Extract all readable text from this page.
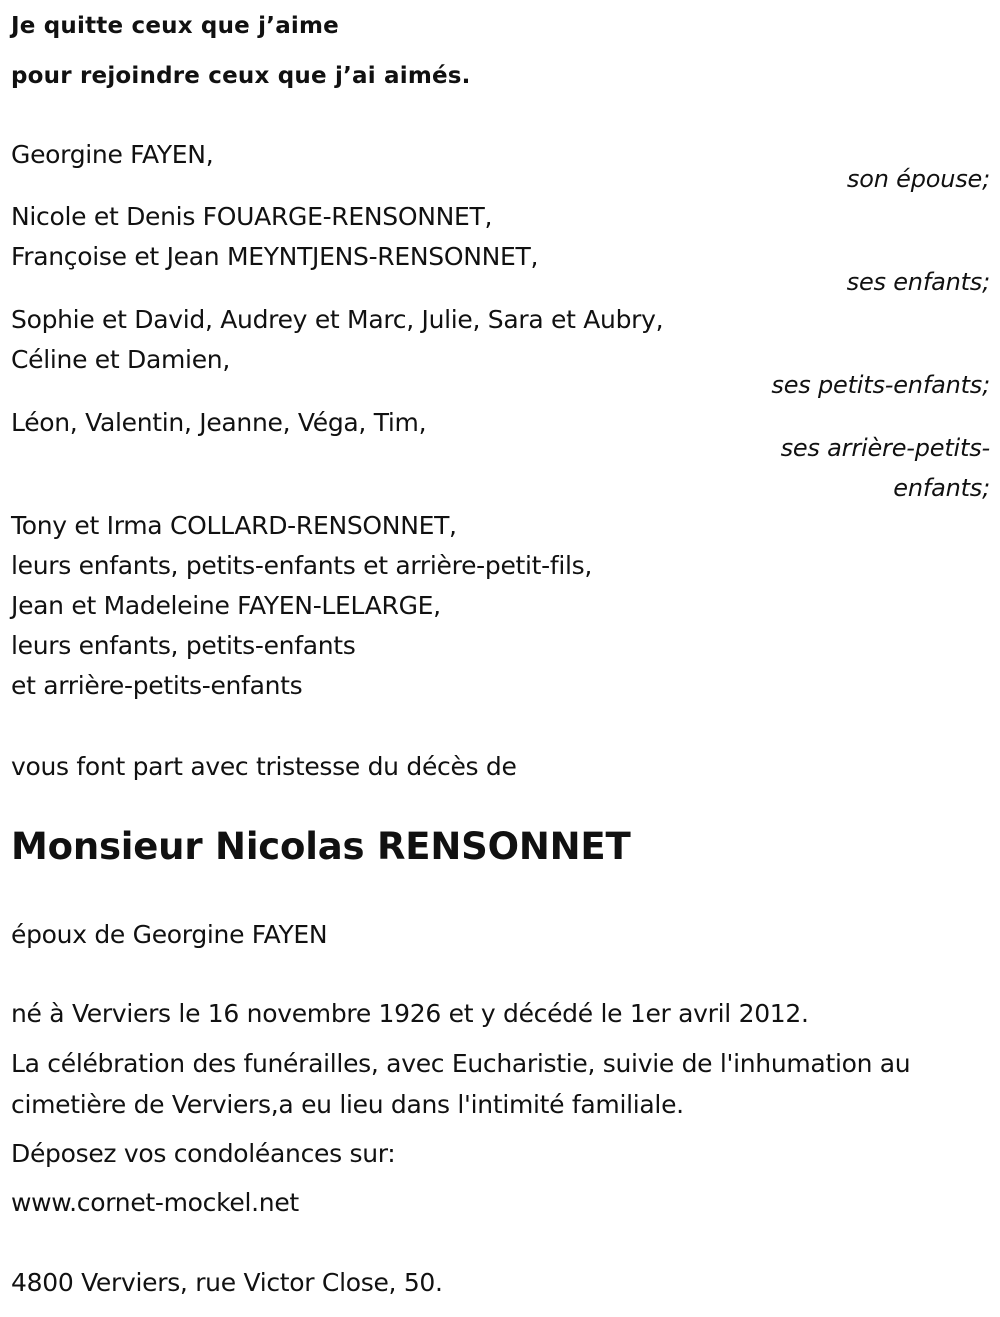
Je quitte ceux que j’aime
pour rejoindre ceux que j’ai aimés.
Georgine FAYEN,
son épouse;
Nicole et Denis FOUARGE-RENSONNET,
Françoise et Jean MEYNTJENS-RENSONNET,
ses enfants;
Sophie et David, Audrey et Marc, Julie, Sara et Aubry,
Céline et Damien,
ses petits-enfants;
Léon, Valentin, Jeanne, Véga, Tim,
ses arrière-petits-
enfants;
Tony et Irma COLLARD-RENSONNET,
leurs enfants, petits-enfants et arrière-petit-fils,
Jean et Madeleine FAYEN-LELARGE,
leurs enfants, petits-enfants
et arrière-petits-enfants
vous font part avec tristesse du décès de
Monsieur Nicolas RENSONNET
époux de Georgine FAYEN
né à Verviers le 16 novembre 1926 et y décédé le 1er avril 2012.
La célébration des funérailles, avec Eucharistie, suivie de l'inhumation au
cimetière de Verviers,a eu lieu dans l'intimité familiale.
Déposez vos condoléances sur:
www.cornet-mockel.net
4800 Verviers, rue Victor Close, 50.
